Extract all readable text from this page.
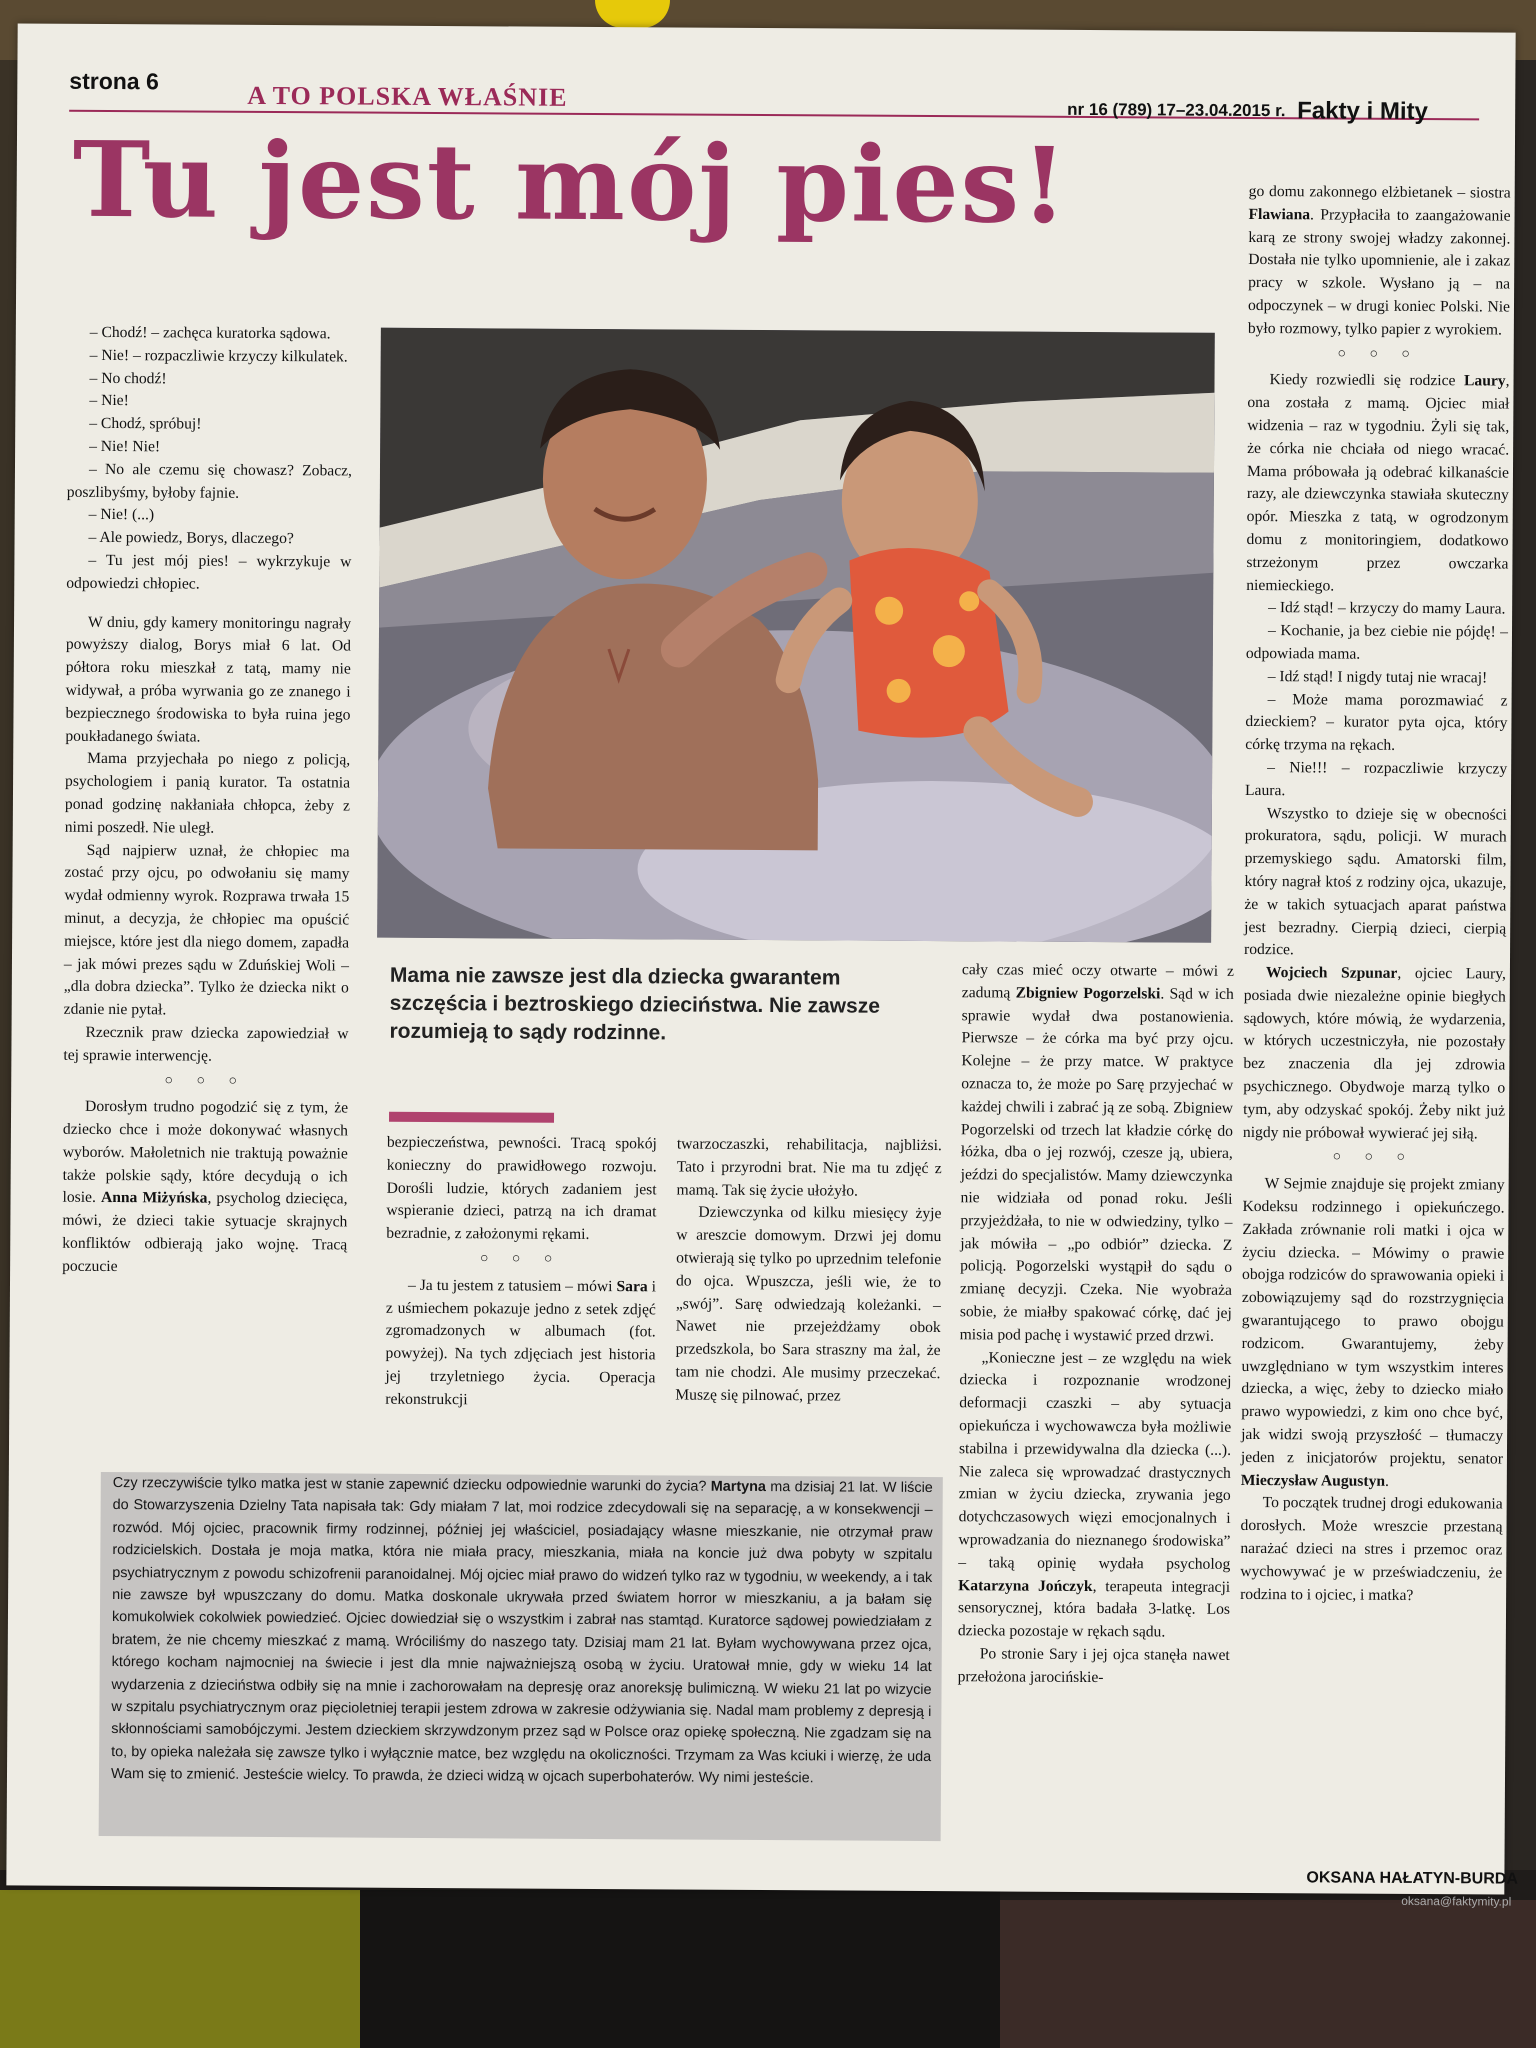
strona 6	A TO POLSKA WŁAŚNIE	nr 16 (789) 17–23.04.2015 r. Fakty i Mity
Tu jest mój pies!

– Chodź! – zachęca kuratorka sądowa.

– Nie! – rozpaczliwie krzyczy kilkulatek.

– No chodź!

– Nie!

– Chodź, spróbuj!

– Nie! Nie!

– No ale czemu się chowasz? Zobacz, poszlibyśmy, byłoby fajnie.

– Nie! (...)

– Ale powiedz, Borys, dlaczego?

– Tu jest mój pies! – wykrzykuje w odpowiedzi chłopiec.

W dniu, gdy kamery monitoringu nagrały powyższy dialog, Borys miał 6 lat. Od półtora roku mieszkał z tatą, mamy nie widywał, a próba wyrwania go ze znanego i bezpiecznego środowiska to była ruina jego poukładanego świata.

Mama przyjechała po niego z policją, psychologiem i panią kurator. Ta ostatnia ponad godzinę nakłaniała chłopca, żeby z nimi poszedł. Nie uległ.

Sąd najpierw uznał, że chłopiec ma zostać przy ojcu, po odwołaniu się mamy wydał odmienny wyrok. Rozprawa trwała 15 minut, a decyzja, że chłopiec ma opuścić miejsce, które jest dla niego domem, zapadła – jak mówi prezes sądu w Zduńskiej Woli – „dla dobra dziecka”. Tylko że dziecka nikt o zdanie nie pytał.

Rzecznik praw dziecka zapowiedział w tej sprawie interwencję.

○ ○ ○

Dorosłym trudno pogodzić się z tym, że dziecko chce i może dokonywać własnych wyborów. Małoletnich nie traktują poważnie także polskie sądy, które decydują o ich losie. Anna Miżyńska, psycholog dziecięca, mówi, że dzieci takie sytuacje skrajnych konfliktów odbierają jako wojnę. Tracą poczucie

Mama nie zawsze jest dla dziecka gwarantem szczęścia i beztroskiego dzieciństwa. Nie zawsze rozumieją to sądy rodzinne.

bezpieczeństwa, pewności. Tracą spokój konieczny do prawidłowego rozwoju. Dorośli ludzie, których zadaniem jest wspieranie dzieci, patrzą na ich dramat bezradnie, z założonymi rękami.

○ ○ ○

– Ja tu jestem z tatusiem – mówi Sara i z uśmiechem pokazuje jedno z setek zdjęć zgromadzonych w albumach (fot. powyżej). Na tych zdjęciach jest historia jej trzyletniego życia. Operacja rekonstrukcji

twarzoczaszki, rehabilitacja, najbliżsi. Tato i przyrodni brat. Nie ma tu zdjęć z mamą. Tak się życie ułożyło.

Dziewczynka od kilku miesięcy żyje w areszcie domowym. Drzwi jej domu otwierają się tylko po uprzednim telefonie do ojca. Wpuszcza, jeśli wie, że to „swój”. Sarę odwiedzają koleżanki. – Nawet nie przejeżdżamy obok przedszkola, bo Sara straszny ma żal, że tam nie chodzi. Ale musimy przeczekać. Muszę się pilnować, przez

cały czas mieć oczy otwarte – mówi z zadumą Zbigniew Pogorzelski. Sąd w ich sprawie wydał dwa postanowienia. Pierwsze – że córka ma być przy ojcu. Kolejne – że przy matce. W praktyce oznacza to, że może po Sarę przyjechać w każdej chwili i zabrać ją ze sobą. Zbigniew Pogorzelski od trzech lat kładzie córkę do łóżka, dba o jej rozwój, czesze ją, ubiera, jeździ do specjalistów. Mamy dziewczynka nie widziała od ponad roku. Jeśli przyjeżdżała, to nie w odwiedziny, tylko – jak mówiła – „po odbiór” dziecka. Z policją. Pogorzelski wystąpił do sądu o zmianę decyzji. Czeka. Nie wyobraża sobie, że miałby spakować córkę, dać jej misia pod pachę i wystawić przed drzwi.

„Konieczne jest – ze względu na wiek dziecka i rozpoznanie wrodzonej deformacji czaszki – aby sytuacja opiekuńcza i wychowawcza była możliwie stabilna i przewidywalna dla dziecka (...). Nie zaleca się wprowadzać drastycznych zmian w życiu dziecka, zrywania jego dotychczasowych więzi emocjonalnych i wprowadzania do nieznanego środowiska” – taką opinię wydała psycholog Katarzyna Jończyk, terapeuta integracji sensorycznej, która badała 3-latkę. Los dziecka pozostaje w rękach sądu.

Po stronie Sary i jej ojca stanęła nawet przełożona jarocińskie-

go domu zakonnego elżbietanek – siostra Flawiana. Przypłaciła to zaangażowanie karą ze strony swojej władzy zakonnej. Dostała nie tylko upomnienie, ale i zakaz pracy w szkole. Wysłano ją – na odpoczynek – w drugi koniec Polski. Nie było rozmowy, tylko papier z wyrokiem.

○ ○ ○

Kiedy rozwiedli się rodzice Laury, ona została z mamą. Ojciec miał widzenia – raz w tygodniu. Żyli się tak, że córka nie chciała od niego wracać. Mama próbowała ją odebrać kilkanaście razy, ale dziewczynka stawiała skuteczny opór. Mieszka z tatą, w ogrodzonym domu z monitoringiem, dodatkowo strzeżonym przez owczarka niemieckiego.

– Idź stąd! – krzyczy do mamy Laura.

– Kochanie, ja bez ciebie nie pójdę! – odpowiada mama.

– Idź stąd! I nigdy tutaj nie wracaj!

– Może mama porozmawiać z dzieckiem? – kurator pyta ojca, który córkę trzyma na rękach.

– Nie!!! – rozpaczliwie krzyczy Laura.

Wszystko to dzieje się w obecności prokuratora, sądu, policji. W murach przemyskiego sądu. Amatorski film, który nagrał ktoś z rodziny ojca, ukazuje, że w takich sytuacjach aparat państwa jest bezradny. Cierpią dzieci, cierpią rodzice.

Wojciech Szpunar, ojciec Laury, posiada dwie niezależne opinie biegłych sądowych, które mówią, że wydarzenia, w których uczestniczyła, nie pozostały bez znaczenia dla jej zdrowia psychicznego. Obydwoje marzą tylko o tym, aby odzyskać spokój. Żeby nikt już nigdy nie próbował wywierać jej siłą.

○ ○ ○

W Sejmie znajduje się projekt zmiany Kodeksu rodzinnego i opiekuńczego. Zakłada zrównanie roli matki i ojca w życiu dziecka. – Mówimy o prawie obojga rodziców do sprawowania opieki i zobowiązujemy sąd do rozstrzygnięcia gwarantującego to prawo obojgu rodzicom. Gwarantujemy, żeby uwzględniano w tym wszystkim interes dziecka, a więc, żeby to dziecko miało prawo wypowiedzi, z kim ono chce być, jak widzi swoją przyszłość – tłumaczy jeden z inicjatorów projektu, senator Mieczysław Augustyn.

To początek trudnej drogi edukowania dorosłych. Może wreszcie przestaną narażać dzieci na stres i przemoc oraz wychowywać je w przeświadczeniu, że rodzina to i ojciec, i matka?

OKSANA HAŁATYN-BURDA
oksana@faktymity.pl
Czy rzeczywiście tylko matka jest w stanie zapewnić dziecku odpowiednie warunki do życia? Martyna ma dzisiaj 21 lat. W liście do Stowarzyszenia Dzielny Tata napisała tak: Gdy miałam 7 lat, moi rodzice zdecydowali się na separację, a w konsekwencji – rozwód. Mój ojciec, pracownik firmy rodzinnej, później jej właściciel, posiadający własne mieszkanie, nie otrzymał praw rodzicielskich. Dostała je moja matka, która nie miała pracy, mieszkania, miała na koncie już dwa pobyty w szpitalu psychiatrycznym z powodu schizofrenii paranoidalnej. Mój ojciec miał prawo do widzeń tylko raz w tygodniu, w weekendy, a i tak nie zawsze był wpuszczany do domu. Matka doskonale ukrywała przed światem horror w mieszkaniu, a ja bałam się komukolwiek cokolwiek powiedzieć. Ojciec dowiedział się o wszystkim i zabrał nas stamtąd. Kuratorce sądowej powiedziałam z bratem, że nie chcemy mieszkać z mamą. Wróciliśmy do naszego taty. Dzisiaj mam 21 lat. Byłam wychowywana przez ojca, którego kocham najmocniej na świecie i jest dla mnie najważniejszą osobą w życiu. Uratował mnie, gdy w wieku 14 lat wydarzenia z dzieciństwa odbiły się na mnie i zachorowałam na depresję oraz anoreksję bulimiczną. W wieku 21 lat po wizycie w szpitalu psychiatrycznym oraz pięcioletniej terapii jestem zdrowa w zakresie odżywiania się. Nadal mam problemy z depresją i skłonnościami samobójczymi. Jestem dzieckiem skrzywdzonym przez sąd w Polsce oraz opiekę społeczną. Nie zgadzam się na to, by opieka należała się zawsze tylko i wyłącznie matce, bez względu na okoliczności. Trzymam za Was kciuki i wierzę, że uda Wam się to zmienić. Jesteście wielcy. To prawda, że dzieci widzą w ojcach superbohaterów. Wy nimi jesteście.
